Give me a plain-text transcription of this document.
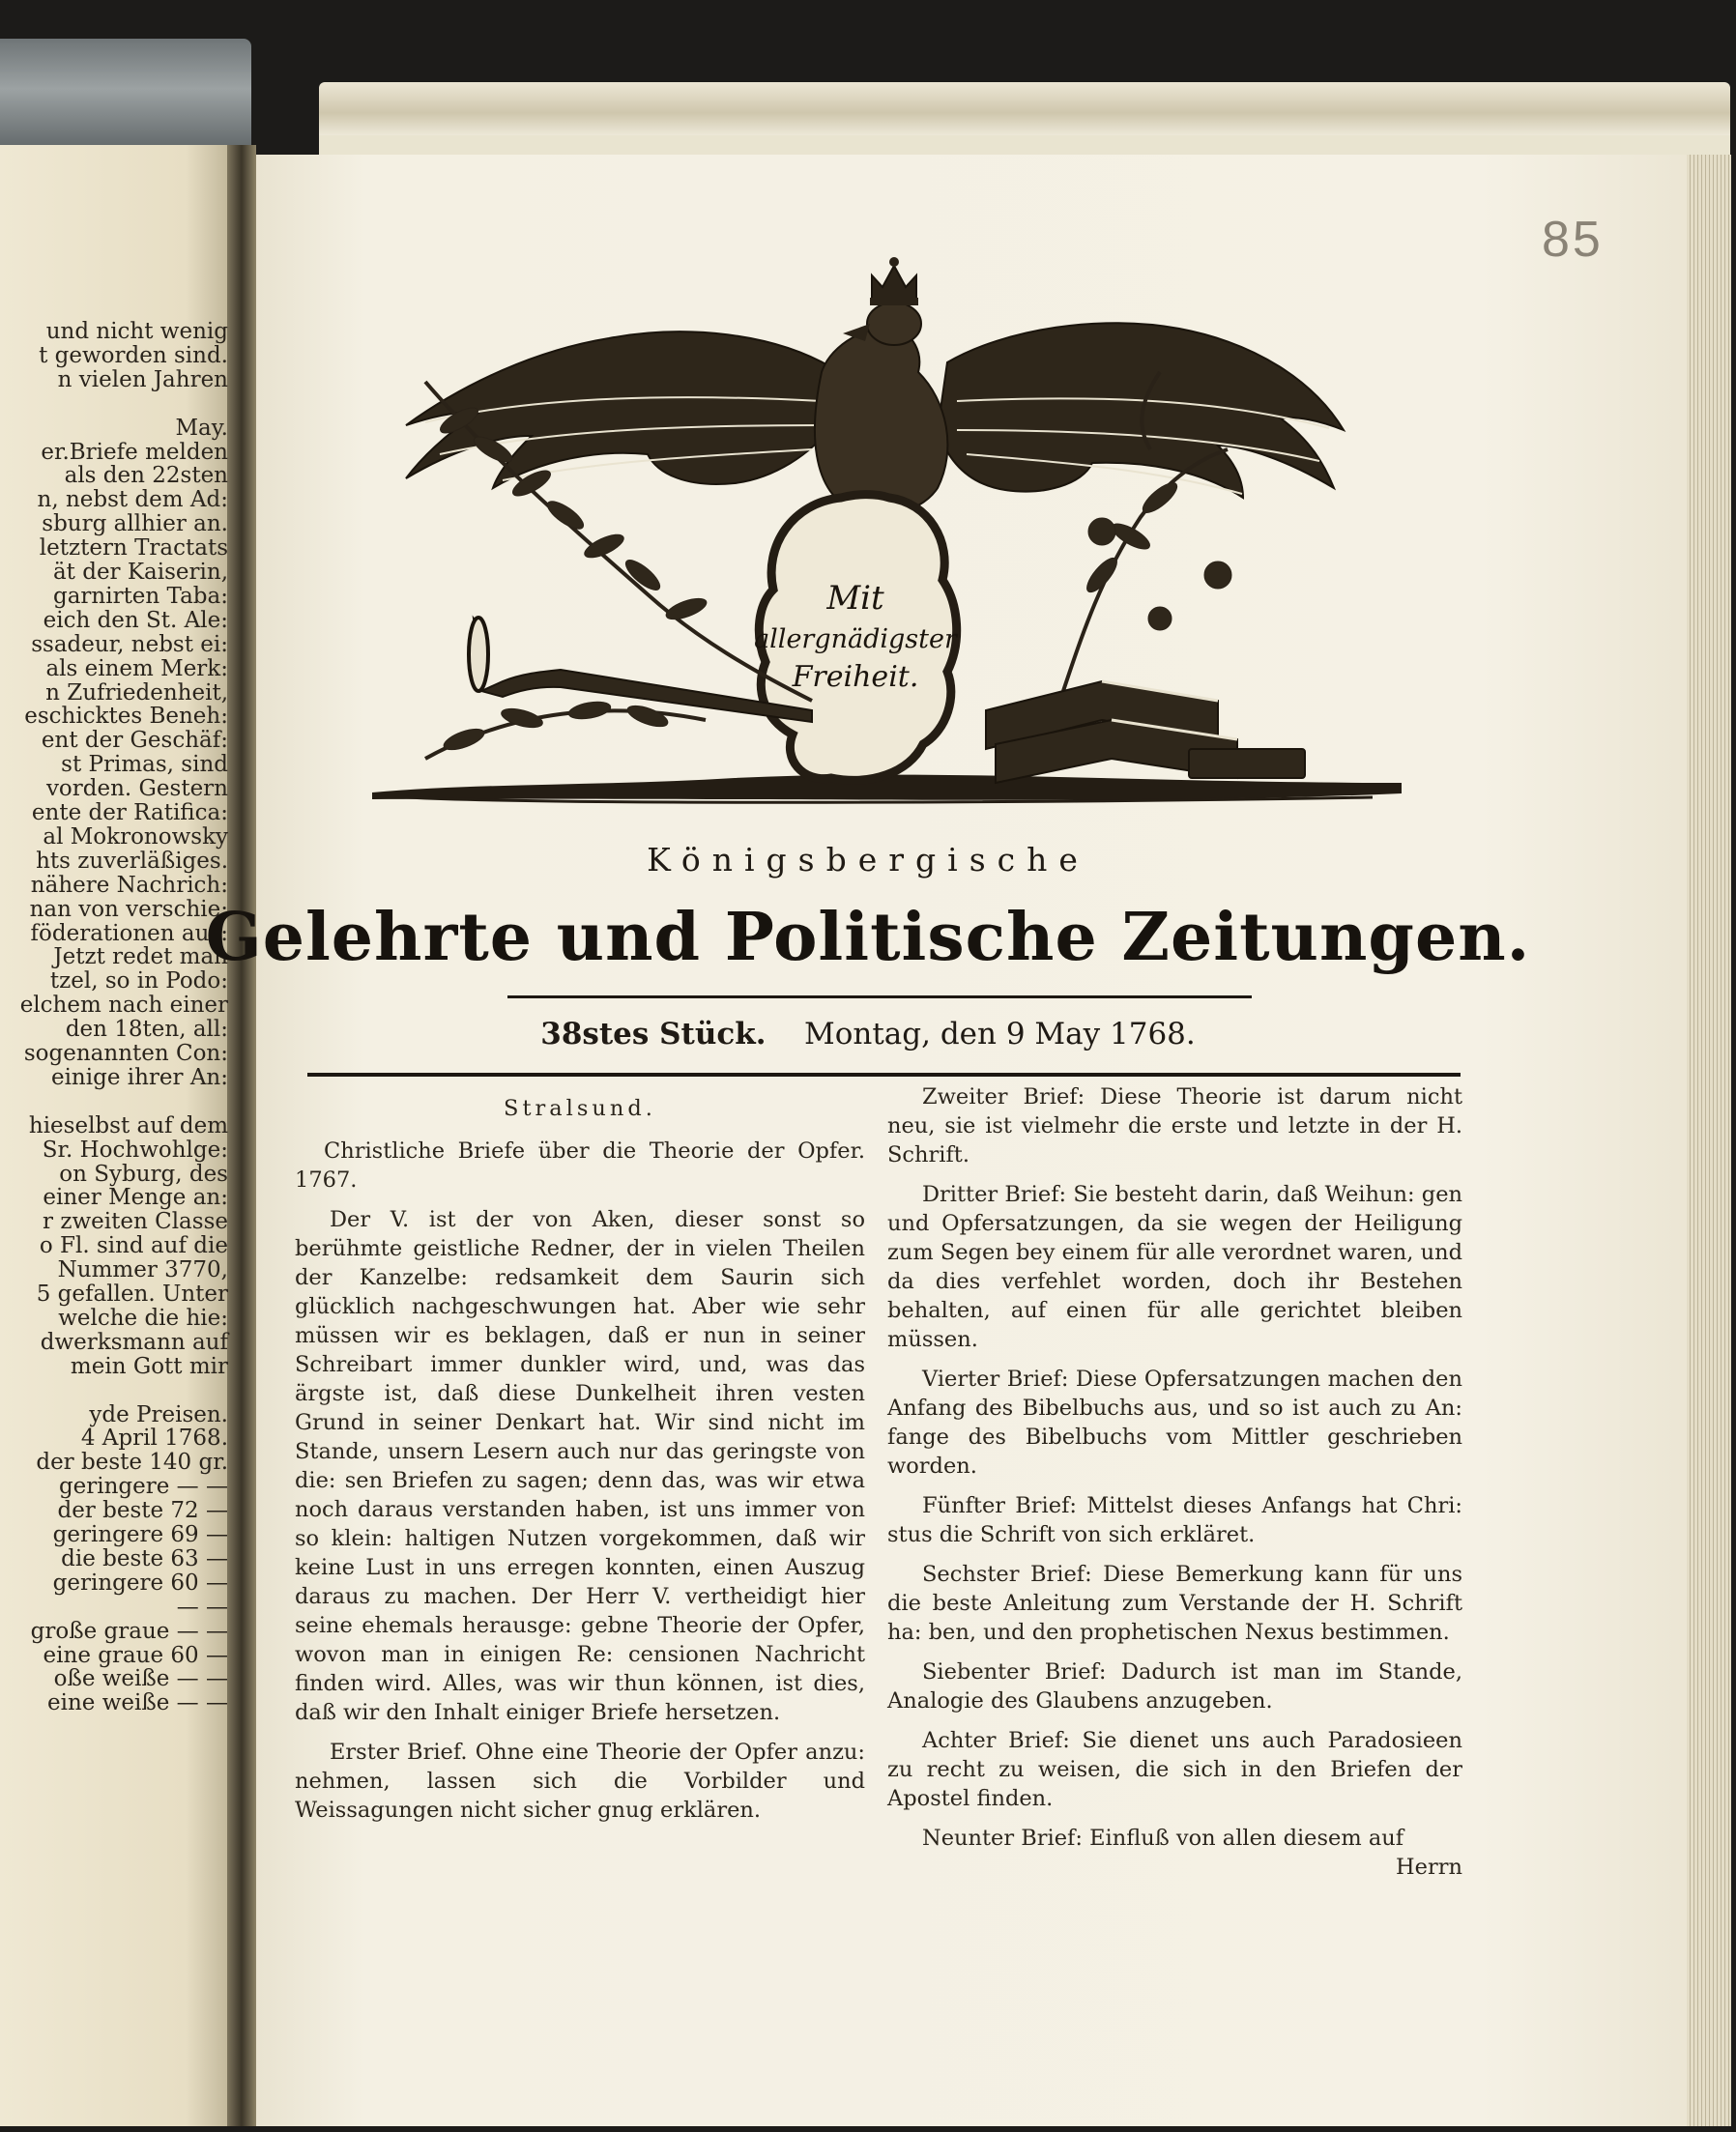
und nicht wenig
t geworden sind.
n vielen Jahren
May.
er.Briefe melden
als den 22sten
n, nebst dem Ad:
sburg allhier an.
letztern Tractats
ät der Kaiserin,
garnirten Taba:
eich den St. Ale:
ssadeur, nebst ei:
als einem Merk:
n Zufriedenheit,
eschicktes Beneh:
ent der Geschäf:
st Primas, sind
vorden. Gestern
ente der Ratifica:
al Mokronowsky
hts zuverläßiges.
nähere Nachrich:
nan von verschie:
föderationen aus:
Jetzt redet man
tzel, so in Podo:
elchem nach einer
den 18ten, all:
sogenannten Con:
einige ihrer An:
hieselbst auf dem
Sr. Hochwohlge:
on Syburg, des
einer Menge an:
r zweiten Classe
o Fl. sind auf die
Nummer 3770,
5 gefallen. Unter
welche die hie:
dwerksmann auf
mein Gott mir
yde Preisen.
4 April 1768.
der beste 140 gr.
geringere — —
der beste 72 —
geringere 69 —
die beste 63 —
geringere 60 —
— —
große graue — —
eine graue 60 —
oße weiße — —
eine weiße — —
85
Mit
allergnädigster
Freiheit.
Königsbergische
Gelehrte und Politische Zeitungen.
38stes Stück. Montag, den 9 May 1768.

Stralsund.

Christliche Briefe über die Theorie der Opfer. 1767.

Der V. ist der von Aken, dieser sonst so berühmte geistliche Redner, der in vielen Theilen der Kanzelbe: redsamkeit dem Saurin sich glücklich nachgeschwungen hat. Aber wie sehr müssen wir es beklagen, daß er nun in seiner Schreibart immer dunkler wird, und, was das ärgste ist, daß diese Dunkelheit ihren vesten Grund in seiner Denkart hat. Wir sind nicht im Stande, unsern Lesern auch nur das geringste von die: sen Briefen zu sagen; denn das, was wir etwa noch daraus verstanden haben, ist uns immer von so klein: haltigen Nutzen vorgekommen, daß wir keine Lust in uns erregen konnten, einen Auszug daraus zu machen. Der Herr V. vertheidigt hier seine ehemals herausge: gebne Theorie der Opfer, wovon man in einigen Re: censionen Nachricht finden wird. Alles, was wir thun können, ist dies, daß wir den Inhalt einiger Briefe hersetzen.

Erster Brief. Ohne eine Theorie der Opfer anzu: nehmen, lassen sich die Vorbilder und Weissagungen nicht sicher gnug erklären.

Zweiter Brief: Diese Theorie ist darum nicht neu, sie ist vielmehr die erste und letzte in der H. Schrift.

Dritter Brief: Sie besteht darin, daß Weihun: gen und Opfersatzungen, da sie wegen der Heiligung zum Segen bey einem für alle verordnet waren, und da dies verfehlet worden, doch ihr Bestehen behalten, auf einen für alle gerichtet bleiben müssen.

Vierter Brief: Diese Opfersatzungen machen den Anfang des Bibelbuchs aus, und so ist auch zu An: fange des Bibelbuchs vom Mittler geschrieben worden.

Fünfter Brief: Mittelst dieses Anfangs hat Chri: stus die Schrift von sich erkläret.

Sechster Brief: Diese Bemerkung kann für uns die beste Anleitung zum Verstande der H. Schrift ha: ben, und den prophetischen Nexus bestimmen.

Siebenter Brief: Dadurch ist man im Stande, Analogie des Glaubens anzugeben.

Achter Brief: Sie dienet uns auch Paradosieen zu recht zu weisen, die sich in den Briefen der Apostel finden.

Neunter Brief: Einfluß von allen diesem auf

Herrn
